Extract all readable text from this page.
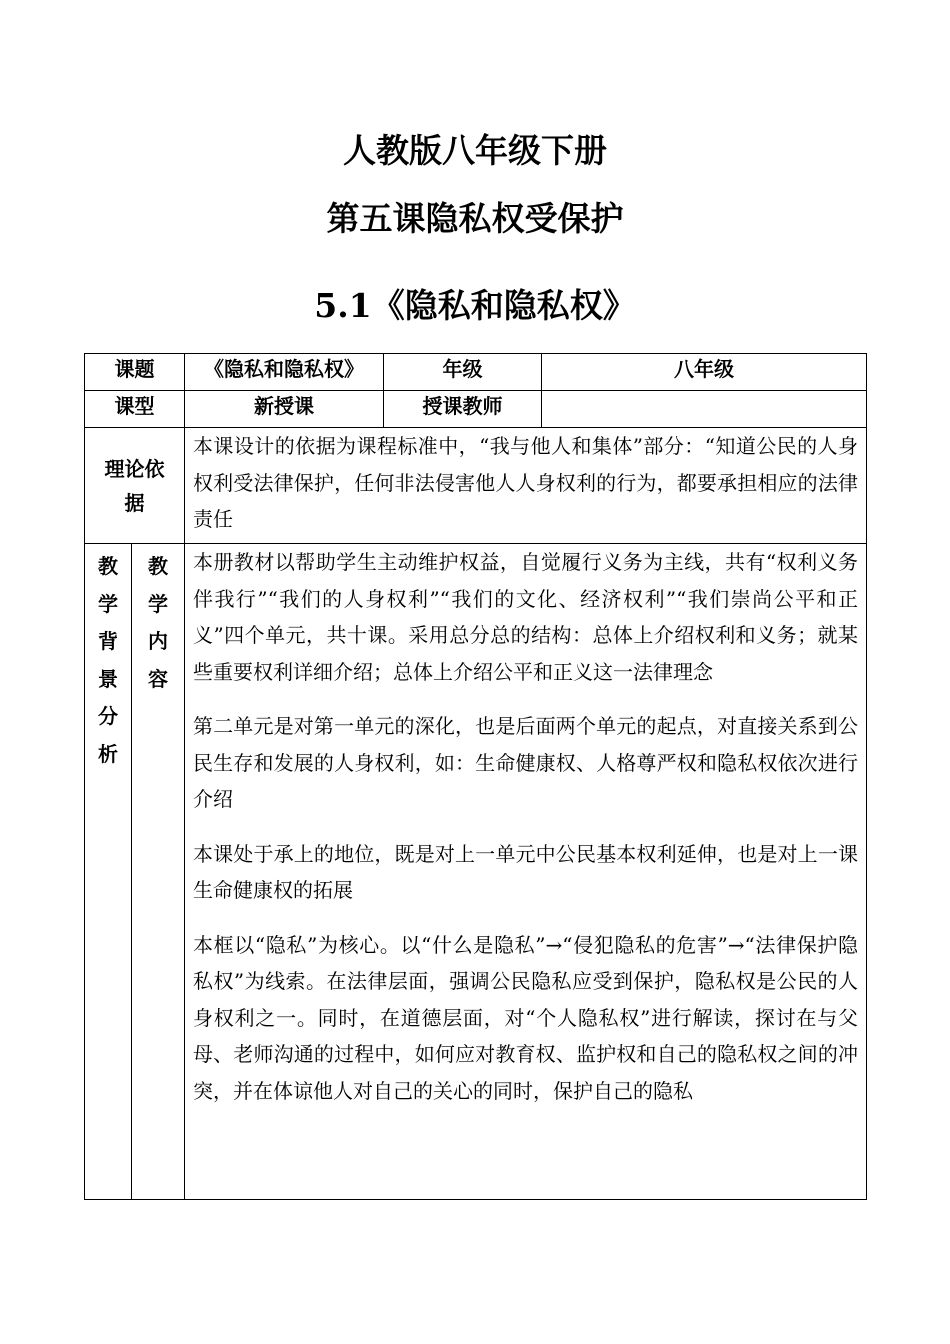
人教版八年级下册
第五课隐私权受保护
5.1《隐私和隐私权》
课题		《隐私和隐私权》	年级	八年级
课型		新授课	授课教师	
理论依据		本课设计的依据为课程标准中，“我与他人和集体”部分：“知道公民的人身权利受法律保护，任何非法侵害他人人身权利的行为，都要承担相应的法律责任		
教学背景分析	教学内容	本册教材以帮助学生主动维护权益，自觉履行义务为主线，共有“权利义务伴我行”“我们的人身权利”“我们的文化、经济权利”“我们崇尚公平和正义”四个单元，共十课。采用总分总的结构：总体上介绍权利和义务；就某些重要权利详细介绍；总体上介绍公平和正义这一法律理念

第二单元是对第一单元的深化，也是后面两个单元的起点，对直接关系到公民生存和发展的人身权利，如：生命健康权、人格尊严权和隐私权依次进行介绍

本课处于承上的地位，既是对上一单元中公民基本权利延伸，也是对上一课生命健康权的拓展

本框以“隐私”为核心。以“什么是隐私”→“侵犯隐私的危害”→“法律保护隐私权”为线索。在法律层面，强调公民隐私应受到保护，隐私权是公民的人身权利之一。同时，在道德层面，对“个人隐私权”进行解读，探讨在与父母、老师沟通的过程中，如何应对教育权、监护权和自己的隐私权之间的冲突，并在体谅他人对自己的关心的同时，保护自己的隐私		
